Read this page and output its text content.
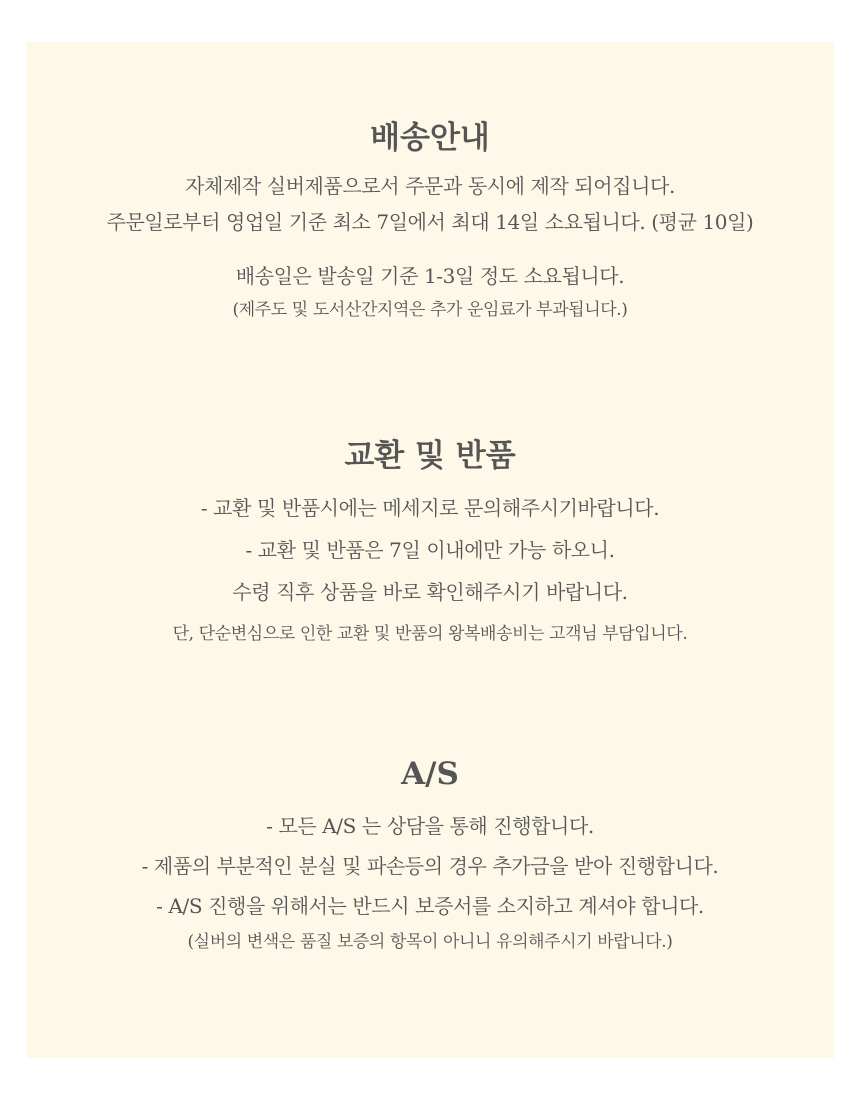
배송안내

자체제작 실버제품으로서 주문과 동시에 제작 되어집니다.

주문일로부터 영업일 기준 최소 7일에서 최대 14일 소요됩니다. (평균 10일)

배송일은 발송일 기준 1-3일 정도 소요됩니다.

(제주도 및 도서산간지역은 추가 운임료가 부과됩니다.)

교환 및 반품

- 교환 및 반품시에는 메세지로 문의해주시기바랍니다.

- 교환 및 반품은 7일 이내에만 가능 하오니.

수령 직후 상품을 바로 확인해주시기 바랍니다.

단, 단순변심으로 인한 교환 및 반품의 왕복배송비는 고객님 부담입니다.

A/S

- 모든 A/S 는 상담을 통해 진행합니다.

- 제품의 부분적인 분실 및 파손등의 경우 추가금을 받아 진행합니다.

- A/S 진행을 위해서는 반드시 보증서를 소지하고 계셔야 합니다.

(실버의 변색은 품질 보증의 항목이 아니니 유의해주시기 바랍니다.)
